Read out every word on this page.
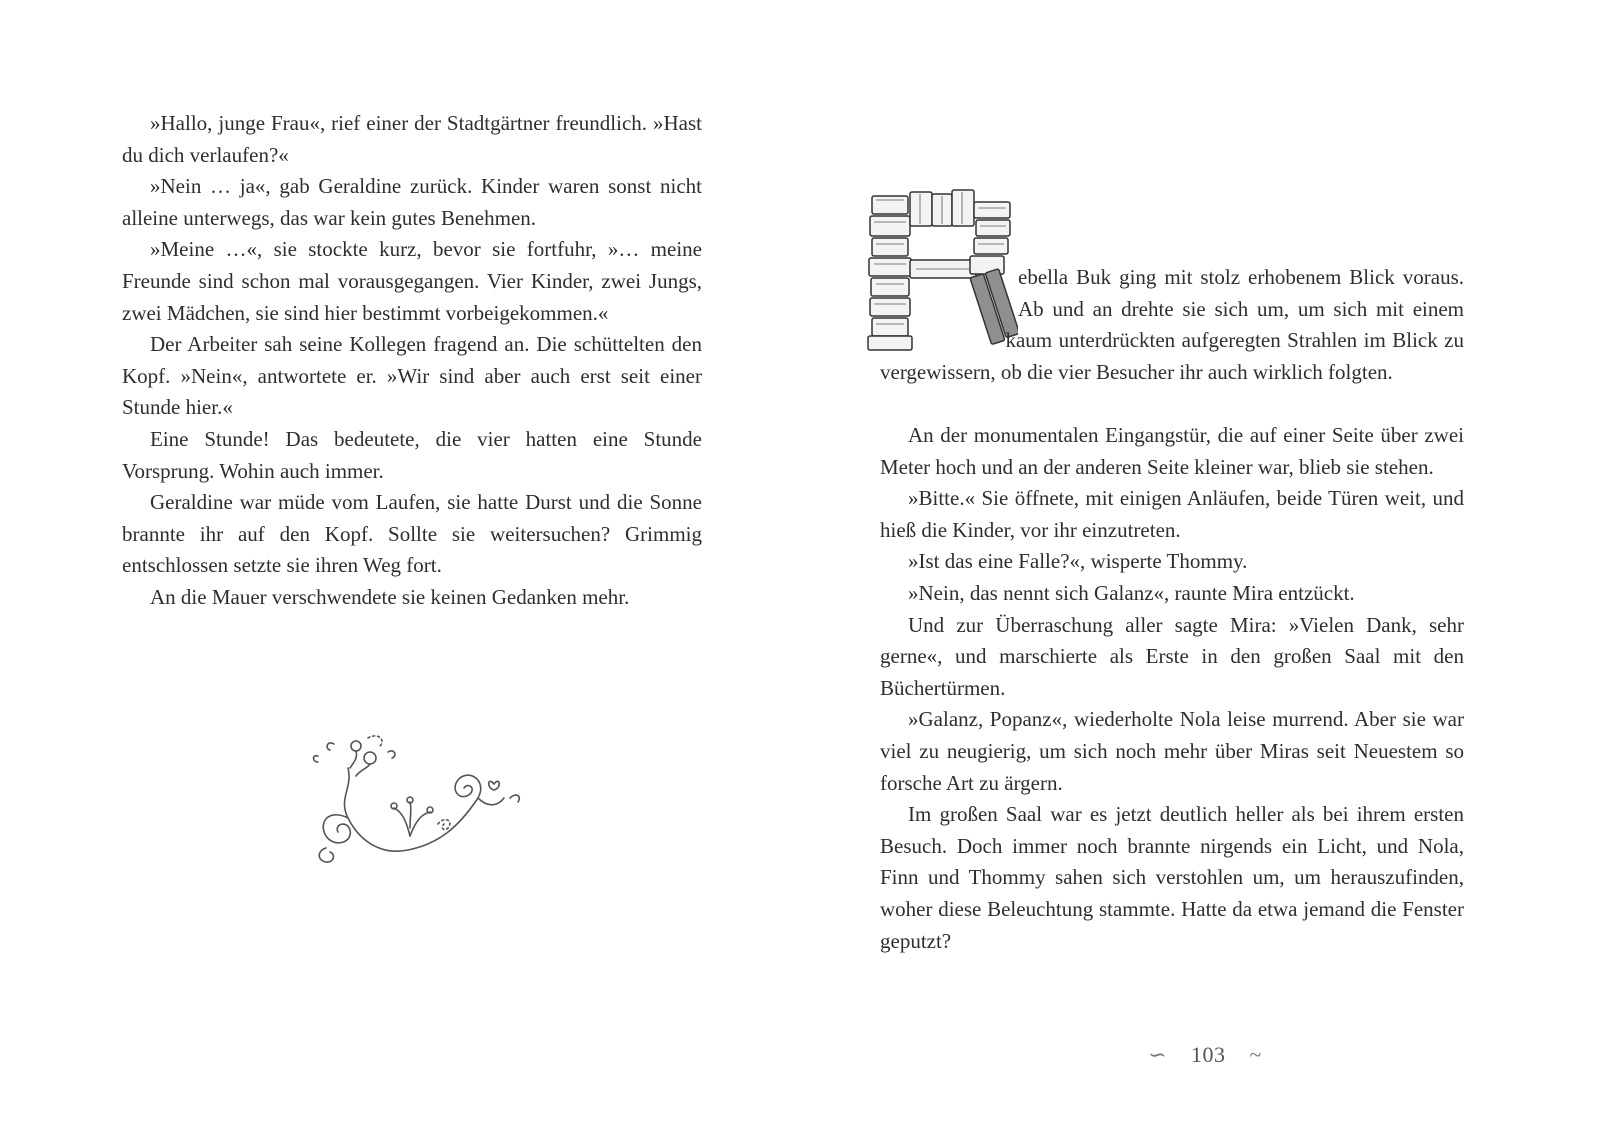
»Hallo, junge Frau«, rief einer der Stadtgärtner freundlich. »Hast du dich verlaufen?«

»Nein … ja«, gab Geraldine zurück. Kinder waren sonst nicht alleine unterwegs, das war kein gutes Benehmen.

»Meine …«, sie stockte kurz, bevor sie fortfuhr, »… meine Freunde sind schon mal vorausgegangen. Vier Kinder, zwei Jungs, zwei Mädchen, sie sind hier bestimmt vorbeigekommen.«

Der Arbeiter sah seine Kollegen fragend an. Die schüttelten den Kopf. »Nein«, antwortete er. »Wir sind aber auch erst seit einer Stunde hier.«

Eine Stunde! Das bedeutete, die vier hatten eine Stunde Vorsprung. Wohin auch immer.

Geraldine war müde vom Laufen, sie hatte Durst und die Sonne brannte ihr auf den Kopf. Sollte sie weitersuchen? Grimmig entschlossen setzte sie ihren Weg fort.

An die Mauer verschwendete sie keinen Gedanken mehr.

ebella Buk ging mit stolz erhobenem Blick voraus. Ab und an drehte sie sich um, um sich mit einem kaum unterdrückten aufgeregten Strahlen im Blick zu vergewissern, ob die vier Besucher ihr auch wirklich folgten.

An der monumentalen Eingangstür, die auf einer Seite über zwei Meter hoch und an der anderen Seite kleiner war, blieb sie stehen.

»Bitte.« Sie öffnete, mit einigen Anläufen, beide Türen weit, und hieß die Kinder, vor ihr einzutreten.

»Ist das eine Falle?«, wisperte Thommy.

»Nein, das nennt sich Galanz«, raunte Mira entzückt.

Und zur Überraschung aller sagte Mira: »Vielen Dank, sehr gerne«, und marschierte als Erste in den großen Saal mit den Büchertürmen.

»Galanz, Popanz«, wiederholte Nola leise murrend. Aber sie war viel zu neugierig, um sich noch mehr über Miras seit Neuestem so forsche Art zu ärgern.

Im großen Saal war es jetzt deutlich heller als bei ihrem ersten Besuch. Doch immer noch brannte nirgends ein Licht, und Nola, Finn und Thommy sahen sich verstohlen um, um herauszufinden, woher diese Beleuchtung stammte. Hatte da etwa jemand die Fenster geputzt?

∽ 103 ~
